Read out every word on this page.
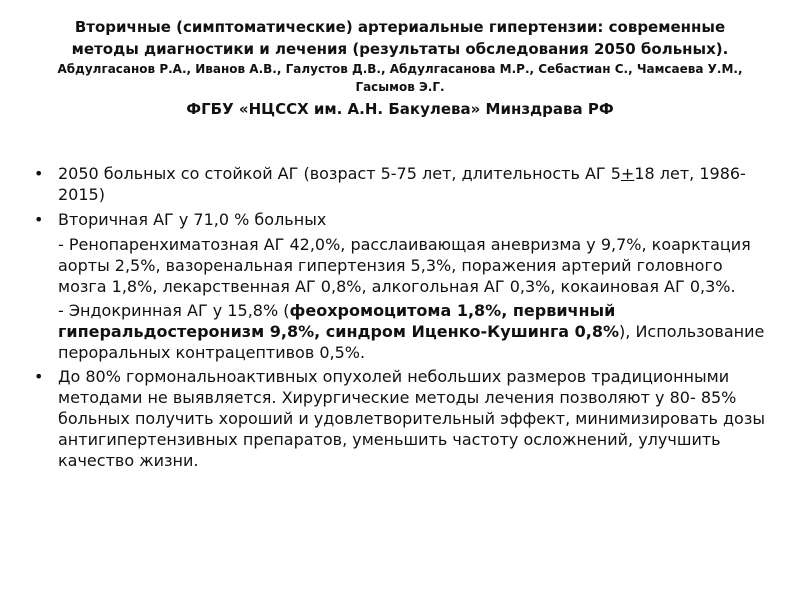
Вторичные (симптоматические) артериальные гипертензии: современные
методы диагностики и лечения (результаты обследования 2050 больных).
Абдулгасанов Р.А., Иванов А.В., Галустов Д.В., Абдулгасанова М.Р., Себастиан С., Чамсаева У.М.,
Гасымов Э.Г.
ФГБУ «НЦССХ им. А.Н. Бакулева» Минздрава РФ
• 2050 больных со стойкой АГ (возраст 5-75 лет, длительность АГ 5+18 лет, 1986-2015)
• Вторичная АГ у 71,0 % больных
- Ренопаренхиматозная АГ 42,0%, расслаивающая аневризма у 9,7%, коарктация аорты 2,5%, вазоренальная гипертензия 5,3%, поражения артерий головного мозга 1,8%, лекарственная АГ 0,8%, алкогольная АГ 0,3%, кокаиновая АГ 0,3%.
- Эндокринная АГ у 15,8% (феохромоцитома 1,8%, первичный гиперальдостеронизм 9,8%, синдром Иценко-Кушинга 0,8%), Использование пероральных контрацептивов 0,5%.
• До 80% гормональноактивных опухолей небольших размеров традиционными методами не выявляется. Хирургические методы лечения позволяют у 80- 85% больных получить хороший и удовлетворительный эффект, минимизировать дозы антигипертензивных препаратов, уменьшить частоту осложнений, улучшить качество жизни.
